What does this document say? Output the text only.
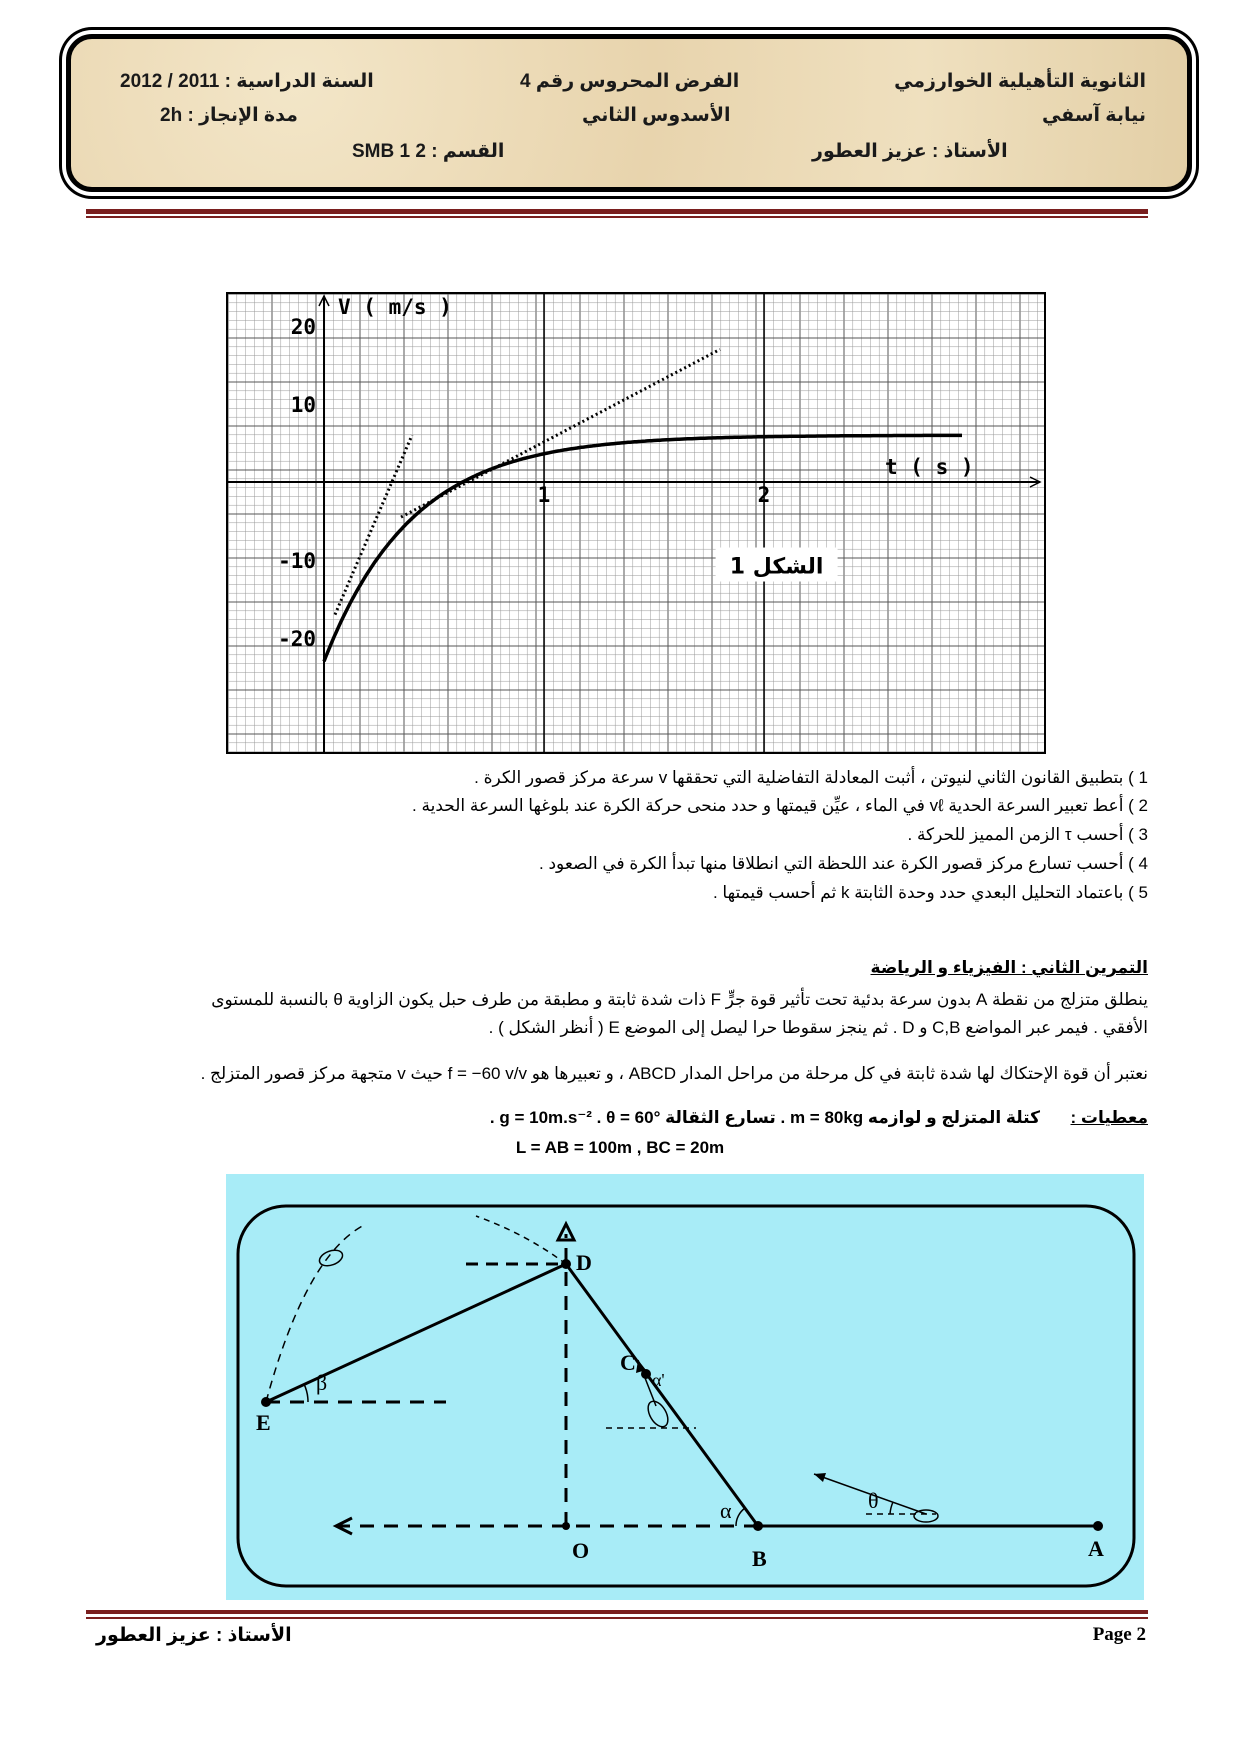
الثانوية التأهيلية الخوارزمي
نيابة آسفي
الفرض المحروس رقم 4
الأسدوس الثاني
السنة الدراسية : 2011 / 2012
مدة الإنجاز : 2h
الأستاذ : عزيز العطور
القسم : 2 SMB 1
V ( m/s )
t ( s )
20
10
-10
-20
1	2
الشكل 1
1 ) بتطبيق القانون الثاني لنيوتن ، أثبت المعادلة التفاضلية التي تحققها v سرعة مركز قصور الكرة .
2 ) أعط تعبير السرعة الحدية vℓ في الماء ، عيِّن قيمتها و حدد منحى حركة الكرة عند بلوغها السرعة الحدية .
3 ) أحسب τ الزمن المميز للحركة .
4 ) أحسب تسارع مركز قصور الكرة عند اللحظة التي انطلاقا منها تبدأ الكرة في الصعود .
5 ) باعتماد التحليل البعدي حدد وحدة الثابتة k ثم أحسب قيمتها .
التمرين الثاني : الفيزياء و الرياضة
ينطلق متزلج من نقطة A بدون سرعة بدئية تحت تأثير قوة جرٍّ F ذات شدة ثابتة و مطبقة من طرف حبل يكون الزاوية θ بالنسبة للمستوى
الأفقي . فيمر عبر المواضع C,B و D . ثم ينجز سقوطا حرا ليصل إلى الموضع E ( أنظر الشكل ) .
نعتبر أن قوة الإحتكاك لها شدة ثابتة في كل مرحلة من مراحل المدار ABCD ، و تعبيرها هو f = −60 v/v حيث v متجهة مركز قصور المتزلج .
معطيات :
كتلة المتزلج و لوازمه m = 80kg . تسارع الثقالة g = 10m.s⁻² . θ = 60° .
L = AB = 100m , BC = 20m
A
B
C
D
E
O
θ
α
α'
β
الأستاذ : عزيز العطور	Page 2
